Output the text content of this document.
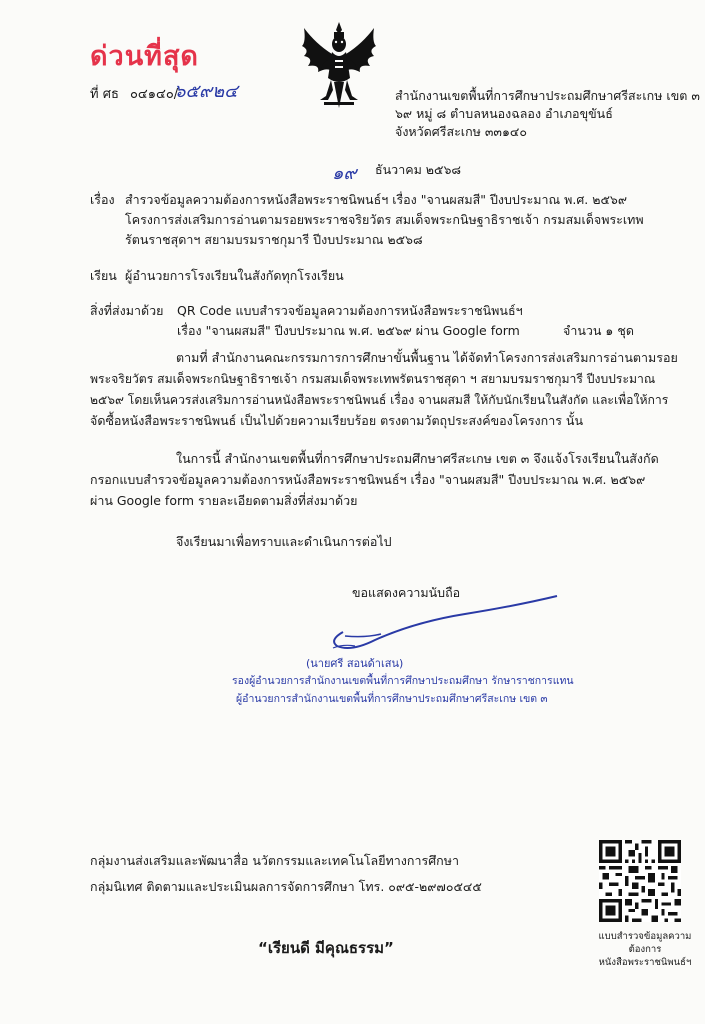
ด่วนที่สุด
ที่ ศธ ๐๔๑๔๐/
๖๕๙๒๔	สำนักงานเขตพื้นที่การศึกษาประถมศึกษาศรีสะเกษ เขต ๓
๖๙ หมู่ ๘ ตำบลหนองฉลอง อำเภอขุขันธ์
จังหวัดศรีสะเกษ ๓๓๑๔๐
๑๙ ธันวาคม ๒๕๖๘
เรื่อง สำรวจข้อมูลความต้องการหนังสือพระราชนิพนธ์ฯ เรื่อง "จานผสมสี" ปีงบประมาณ พ.ศ. ๒๕๖๙
โครงการส่งเสริมการอ่านตามรอยพระราชจริยวัตร สมเด็จพระกนิษฐาธิราชเจ้า กรมสมเด็จพระเทพ
รัตนราชสุดาฯ สยามบรมราชกุมารี ปีงบประมาณ ๒๕๖๘
เรียน ผู้อำนวยการโรงเรียนในสังกัดทุกโรงเรียน
สิ่งที่ส่งมาด้วย QR Code แบบสำรวจข้อมูลความต้องการหนังสือพระราชนิพนธ์ฯ
เรื่อง "จานผสมสี" ปีงบประมาณ พ.ศ. ๒๕๖๙ ผ่าน Google form	จำนวน ๑ ชุด
ตามที่ สำนักงานคณะกรรมการการศึกษาขั้นพื้นฐาน ได้จัดทำโครงการส่งเสริมการอ่านตามรอย
พระจริยวัตร สมเด็จพระกนิษฐาธิราชเจ้า กรมสมเด็จพระเทพรัตนราชสุดา ฯ สยามบรมราชกุมารี ปีงบประมาณ
๒๕๖๙ โดยเห็นควรส่งเสริมการอ่านหนังสือพระราชนิพนธ์ เรื่อง จานผสมสี ให้กับนักเรียนในสังกัด และเพื่อให้การ
จัดซื้อหนังสือพระราชนิพนธ์ เป็นไปด้วยความเรียบร้อย ตรงตามวัตถุประสงค์ของโครงการ นั้น
ในการนี้ สำนักงานเขตพื้นที่การศึกษาประถมศึกษาศรีสะเกษ เขต ๓ จึงแจ้งโรงเรียนในสังกัด
กรอกแบบสำรวจข้อมูลความต้องการหนังสือพระราชนิพนธ์ฯ เรื่อง "จานผสมสี" ปีงบประมาณ พ.ศ. ๒๕๖๙
ผ่าน Google form รายละเอียดตามสิ่งที่ส่งมาด้วย
จึงเรียนมาเพื่อทราบและดำเนินการต่อไป
ขอแสดงความนับถือ
(นายศรี สอนด้าเสน)
รองผู้อำนวยการสำนักงานเขตพื้นที่การศึกษาประถมศึกษา รักษาราชการแทน
ผู้อำนวยการสำนักงานเขตพื้นที่การศึกษาประถมศึกษาศรีสะเกษ เขต ๓
กลุ่มงานส่งเสริมและพัฒนาสื่อ นวัตกรรมและเทคโนโลยีทางการศึกษา
กลุ่มนิเทศ ติดตามและประเมินผลการจัดการศึกษา โทร. ๐๙๕-๒๙๗๐๕๔๕
“เรียนดี มีคุณธรรม”
แบบสำรวจข้อมูลความต้องการ
หนังสือพระราชนิพนธ์ฯ
